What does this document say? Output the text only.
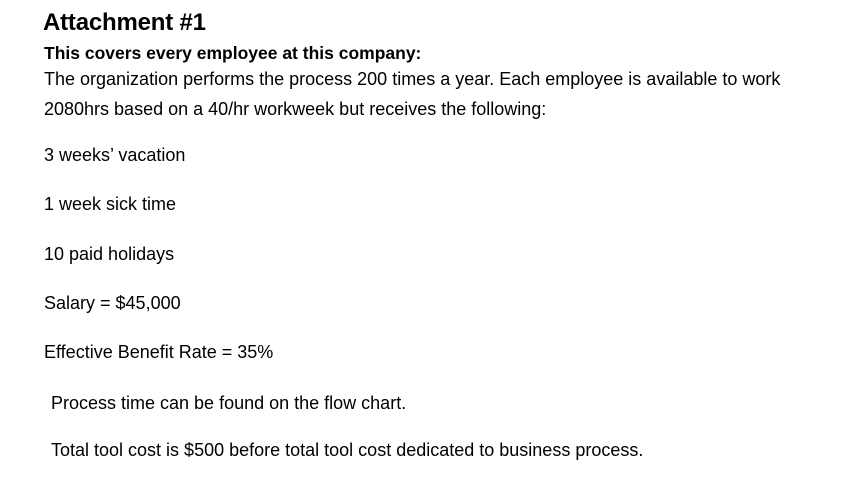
Attachment #1
This covers every employee at this company:
The organization performs the process 200 times a year. Each employee is available to work
2080hrs based on a 40/hr workweek but receives the following:
3 weeks’ vacation
1 week sick time
10 paid holidays
Salary = $45,000
Effective Benefit Rate = 35%
Process time can be found on the flow chart.
Total tool cost is $500 before total tool cost dedicated to business process.
